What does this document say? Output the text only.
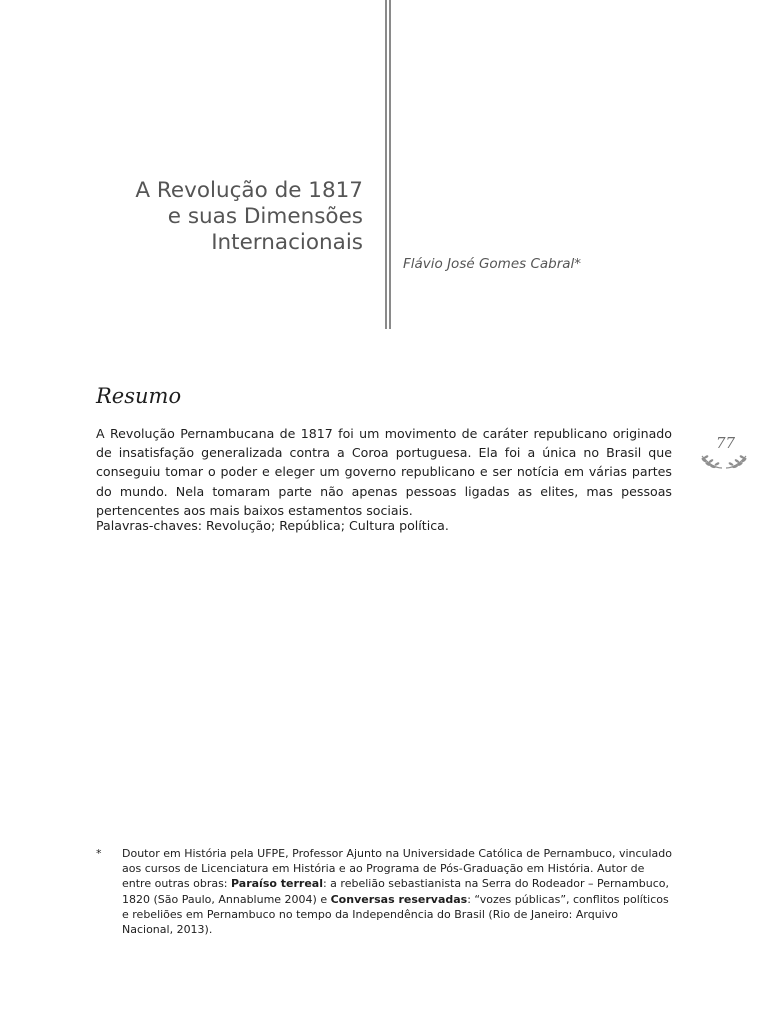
A Revolução de 1817
e suas Dimensões
Internacionais
Flávio José Gomes Cabral*
Resumo

A Revolução Pernambucana de 1817 foi um movimento de caráter republicano originado de insatisfação generalizada contra a Coroa portuguesa. Ela foi a única no Brasil que conseguiu tomar o poder e eleger um governo republicano e ser notícia em várias partes do mundo. Nela tomaram parte não apenas pessoas ligadas as elites, mas pessoas pertencentes aos mais baixos estamentos sociais.

Palavras-chaves: Revolução; República; Cultura política.

77
* Doutor em História pela UFPE, Professor Ajunto na Universidade Católica de Pernambuco, vinculado aos cursos de Licenciatura em História e ao Programa de Pós-Graduação em História. Autor de entre outras obras: Paraíso terreal: a rebelião sebastianista na Serra do Rodeador – Pernambuco, 1820 (São Paulo, Annablume 2004) e Conversas reservadas: “vozes públicas”, conflitos políticos e rebeliões em Pernambuco no tempo da Independência do Brasil (Rio de Janeiro: Arquivo Nacional, 2013).
